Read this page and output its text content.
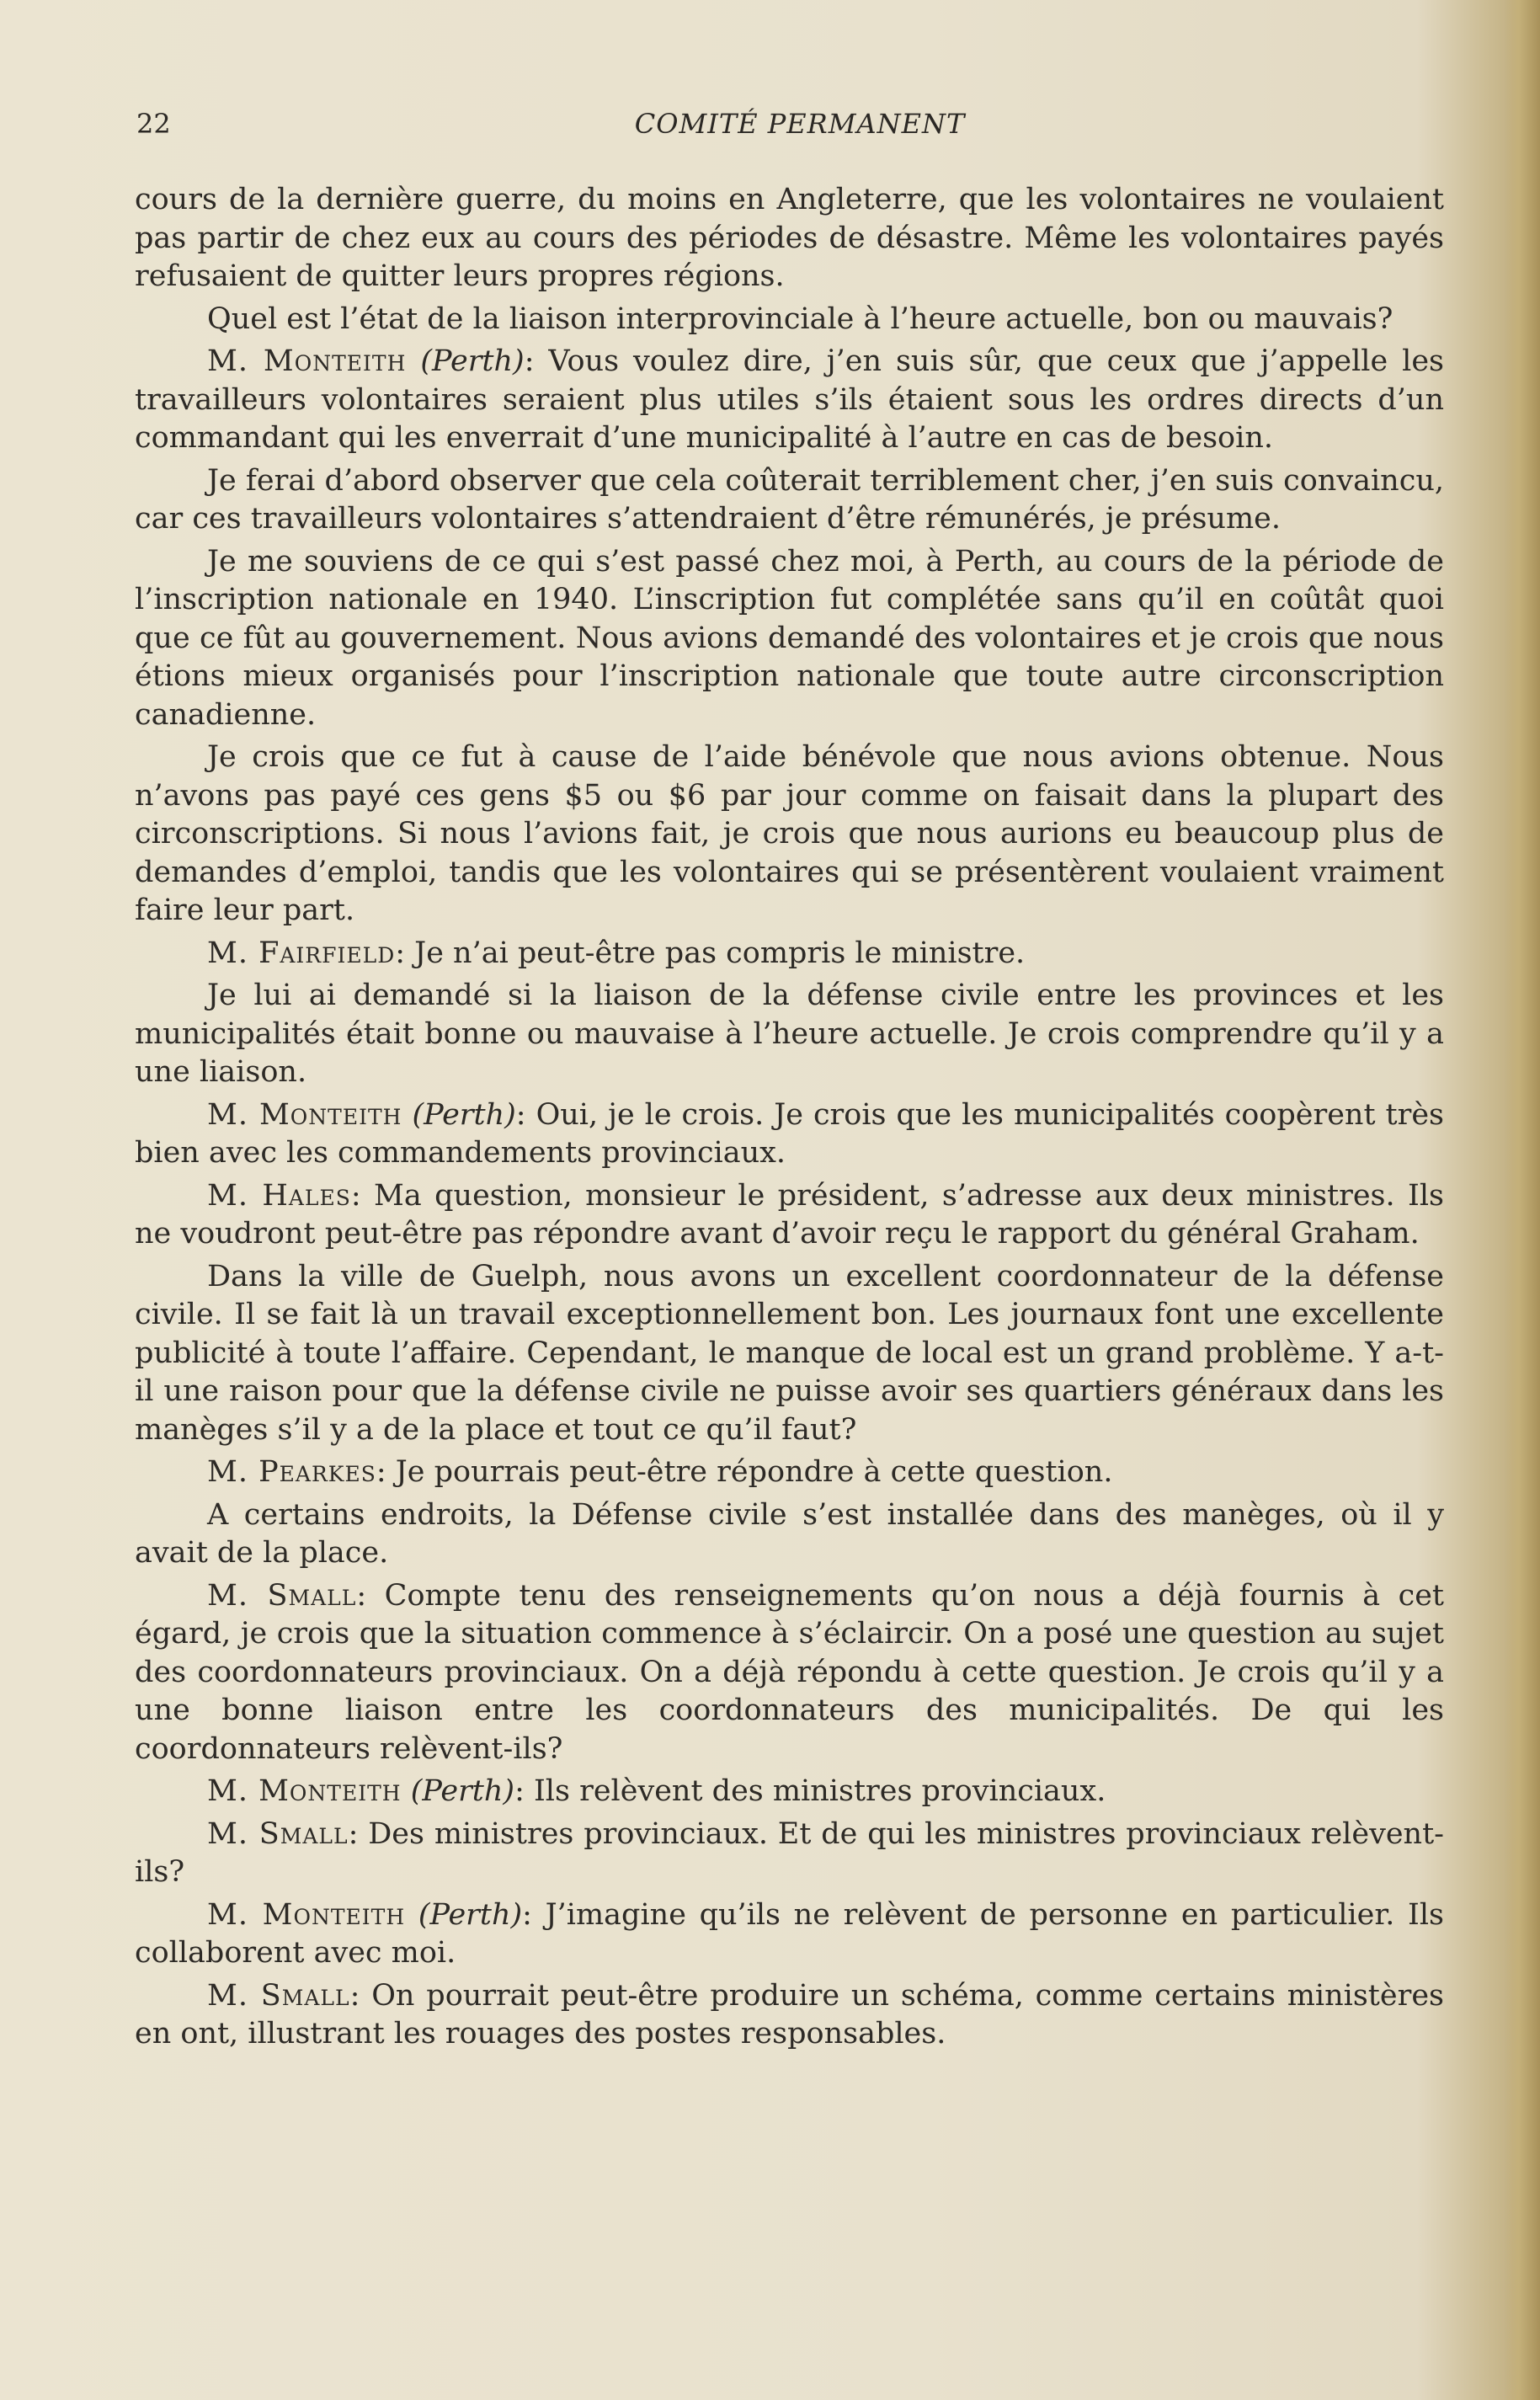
22	COMITÉ PERMANENT

cours de la dernière guerre, du moins en Angleterre, que les volontaires ne voulaient pas partir de chez eux au cours des périodes de désastre. Même les volontaires payés refusaient de quitter leurs propres régions.

Quel est l’état de la liaison interprovinciale à l’heure actuelle, bon ou mauvais?

M. Monteith (Perth): Vous voulez dire, j’en suis sûr, que ceux que j’appelle les travailleurs volontaires seraient plus utiles s’ils étaient sous les ordres directs d’un commandant qui les enverrait d’une municipalité à l’autre en cas de besoin.

Je ferai d’abord observer que cela coûterait terriblement cher, j’en suis convaincu, car ces travailleurs volontaires s’attendraient d’être rémunérés, je présume.

Je me souviens de ce qui s’est passé chez moi, à Perth, au cours de la période de l’inscription nationale en 1940. L’inscription fut complétée sans qu’il en coûtât quoi que ce fût au gouvernement. Nous avions demandé des volontaires et je crois que nous étions mieux organisés pour l’inscription nationale que toute autre circonscription canadienne.

Je crois que ce fut à cause de l’aide bénévole que nous avions obtenue. Nous n’avons pas payé ces gens $5 ou $6 par jour comme on faisait dans la plupart des circonscriptions. Si nous l’avions fait, je crois que nous aurions eu beaucoup plus de demandes d’emploi, tandis que les volontaires qui se présentèrent voulaient vraiment faire leur part.

M. Fairfield: Je n’ai peut-être pas compris le ministre.

Je lui ai demandé si la liaison de la défense civile entre les provinces et les municipalités était bonne ou mauvaise à l’heure actuelle. Je crois comprendre qu’il y a une liaison.

M. Monteith (Perth): Oui, je le crois. Je crois que les municipalités coopèrent très bien avec les commandements provinciaux.

M. Hales: Ma question, monsieur le président, s’adresse aux deux ministres. Ils ne voudront peut-être pas répondre avant d’avoir reçu le rapport du général Graham.

Dans la ville de Guelph, nous avons un excellent coordonnateur de la défense civile. Il se fait là un travail exceptionnellement bon. Les journaux font une excellente publicité à toute l’affaire. Cependant, le manque de local est un grand problème. Y a-t-il une raison pour que la défense civile ne puisse avoir ses quartiers généraux dans les manèges s’il y a de la place et tout ce qu’il faut?

M. Pearkes: Je pourrais peut-être répondre à cette question.

A certains endroits, la Défense civile s’est installée dans des manèges, où il y avait de la place.

M. Small: Compte tenu des renseignements qu’on nous a déjà fournis à cet égard, je crois que la situation commence à s’éclaircir. On a posé une question au sujet des coordonnateurs provinciaux. On a déjà répondu à cette question. Je crois qu’il y a une bonne liaison entre les coordonnateurs des municipalités. De qui les coordonnateurs relèvent-ils?

M. Monteith (Perth): Ils relèvent des ministres provinciaux.

M. Small: Des ministres provinciaux. Et de qui les ministres provinciaux relèvent-ils?

M. Monteith (Perth): J’imagine qu’ils ne relèvent de personne en particulier. Ils collaborent avec moi.

M. Small: On pourrait peut-être produire un schéma, comme certains ministères en ont, illustrant les rouages des postes responsables.
